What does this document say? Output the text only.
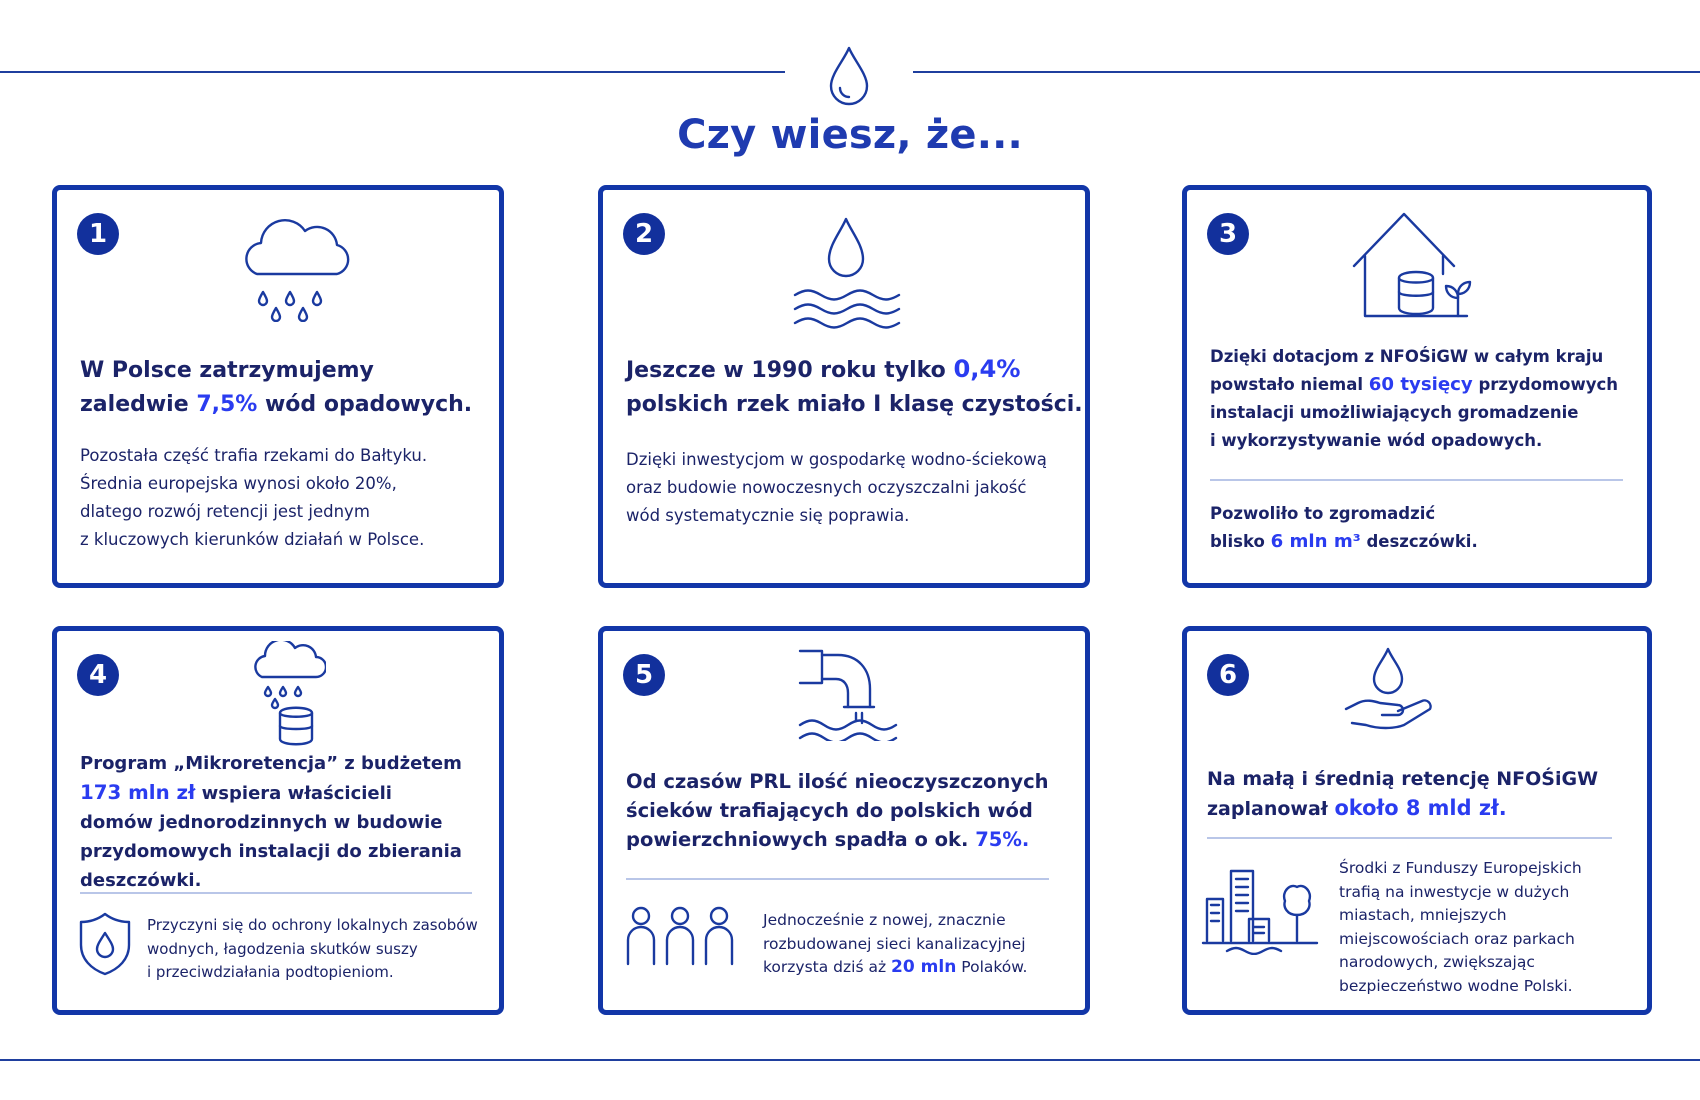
Czy wiesz, że...
1
W Polsce zatrzymujemy
zaledwie 7,5% wód opadowych.
Pozostała część trafia rzekami do Bałtyku.
Średnia europejska wynosi około 20%,
dlatego rozwój retencji jest jednym
z kluczowych kierunków działań w Polsce.
2
Jeszcze w 1990 roku tylko 0,4%
polskich rzek miało I klasę czystości.
Dzięki inwestycjom w gospodarkę wodno-ściekową
oraz budowie nowoczesnych oczyszczalni jakość
wód systematycznie się poprawia.
3
Dzięki dotacjom z NFOŚiGW w całym kraju
powstało niemal 60 tysięcy przydomowych
instalacji umożliwiających gromadzenie
i wykorzystywanie wód opadowych.
Pozwoliło to zgromadzić
blisko 6 mln m³ deszczówki.
4
Program „Mikroretencja” z budżetem
173 mln zł wspiera właścicieli
domów jednorodzinnych w budowie
przydomowych instalacji do zbierania
deszczówki.
Przyczyni się do ochrony lokalnych zasobów
wodnych, łagodzenia skutków suszy
i przeciwdziałania podtopieniom.
5
Od czasów PRL ilość nieoczyszczonych
ścieków trafiających do polskich wód
powierzchniowych spadła o ok. 75%.
Jednocześnie z nowej, znacznie
rozbudowanej sieci kanalizacyjnej
korzysta dziś aż 20 mln Polaków.
6
Na małą i średnią retencję NFOŚiGW
zaplanował około 8 mld zł.
Środki z Funduszy Europejskich
trafią na inwestycje w dużych
miastach, mniejszych
miejscowościach oraz parkach
narodowych, zwiększając
bezpieczeństwo wodne Polski.
